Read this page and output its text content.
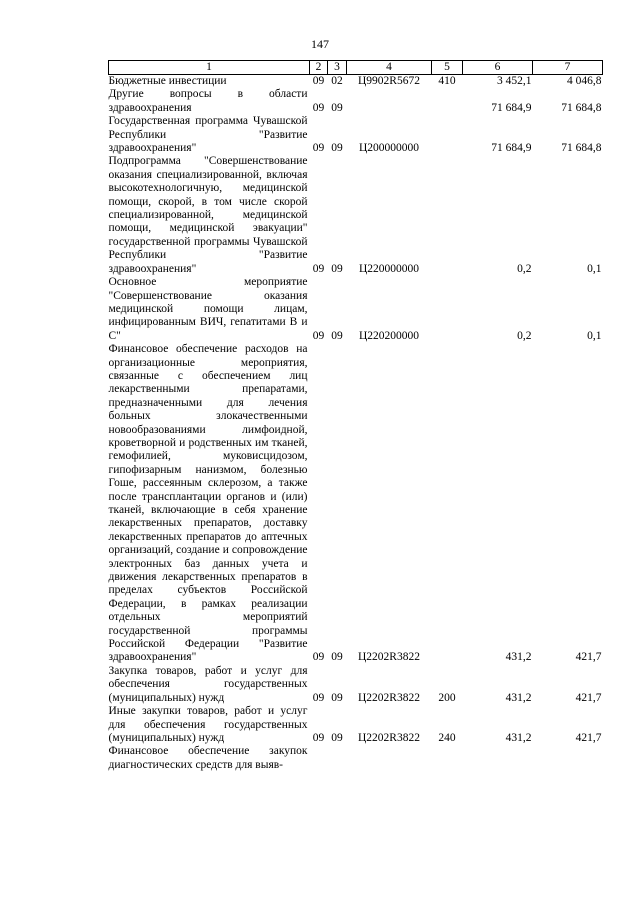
147
1	2	3	4	5	6	7
Бюджетные инвестиции	09	02	Ц9902R5672	410	3 452,1	4 046,8
Другие вопросы в области здравоохранения	09	09			71 684,9	71 684,8
Государственная программа Чувашской Республики "Развитие здравоохранения"	09	09	Ц200000000		71 684,9	71 684,8
Подпрограмма "Совершенствование оказания специализированной, включая высокотехнологичную, медицинской помощи, скорой, в том числе скорой специализированной, медицинской помощи, медицинской эвакуации" государственной программы Чувашской Республики "Развитие здравоохранения"	09	09	Ц220000000		0,2	0,1
Основное мероприятие "Совершенствование оказания медицинской помощи лицам, инфицированным ВИЧ, гепатитами В и С"	09	09	Ц220200000		0,2	0,1
Финансовое обеспечение расходов на организационные мероприятия, связанные с обеспечением лиц лекарственными препаратами, предназначенными для лечения больных злокачественными новообразованиями лимфоидной, кроветворной и родственных им тканей, гемофилией, муковисцидозом, гипофизарным нанизмом, болезнью Гоше, рассеянным склерозом, а также после трансплантации органов и (или) тканей, включающие в себя хранение лекарственных препаратов, доставку лекарственных препаратов до аптечных организаций, создание и сопровождение электронных баз данных учета и движения лекарственных препаратов в пределах субъектов Российской Федерации, в рамках реализации отдельных мероприятий государственной программы Российской Федерации "Развитие здравоохранения"	09	09	Ц2202R3822		431,2	421,7
Закупка товаров, работ и услуг для обеспечения государственных (муниципальных) нужд	09	09	Ц2202R3822	200	431,2	421,7
Иные закупки товаров, работ и услуг для обеспечения государственных (муниципальных) нужд	09	09	Ц2202R3822	240	431,2	421,7
Финансовое обеспечение закупок диагностических средств для выяв-						
